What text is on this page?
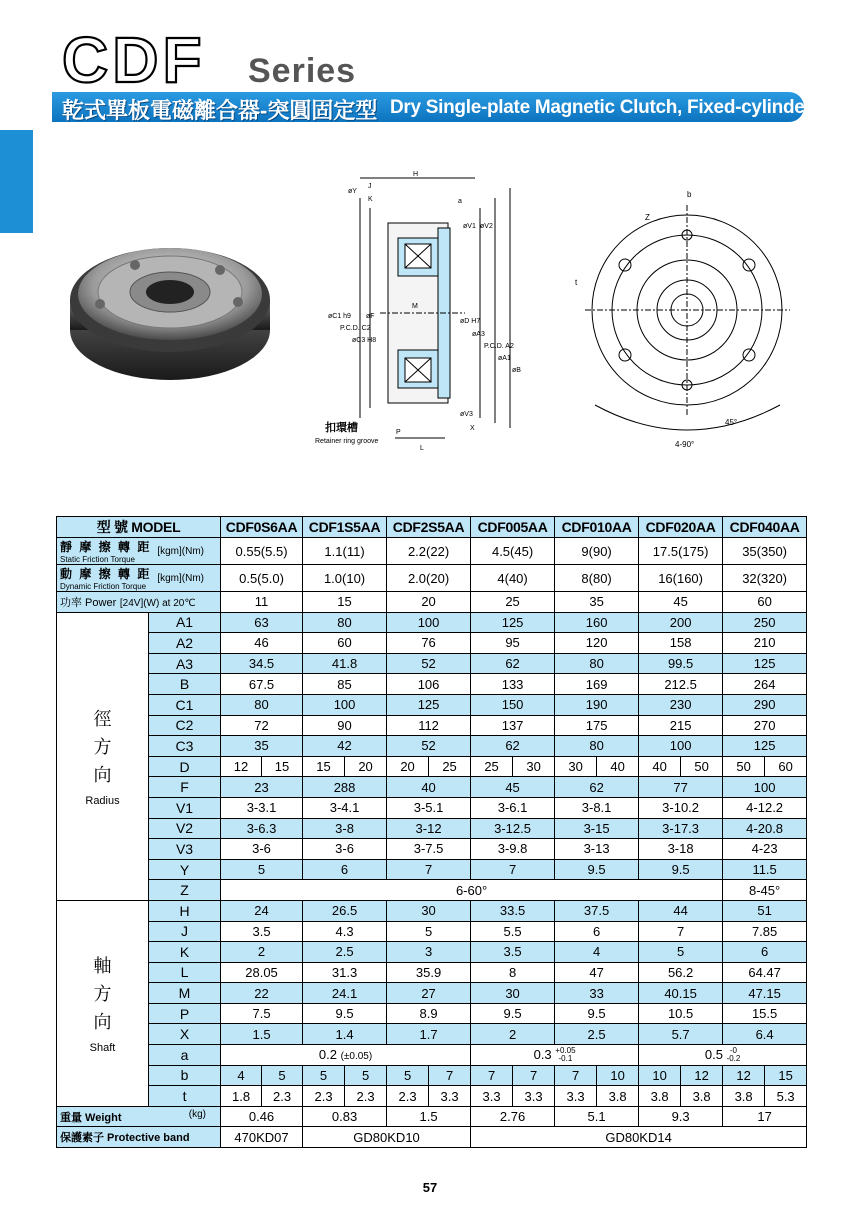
CDF Series
乾式單板電磁離合器-突圓固定型 Dry Single-plate Magnetic Clutch, Fixed-cylinder
H
J
K	a
øY
øV1 øV2
øC1 h9
P.C.D. C2
øC3 H8
øF
M
øD H7
øA3
P.C.D. A2
øA1
øB
øV3
P
L
X
扣環槽
Retainer ring groove
Z
b
t
45°
4-90°
型 號 MODEL		CDF0S6AA	CDF1S5AA	CDF2S5AA	CDF005AA	CDF010AA	CDF020AA	CDF040AA

靜 摩 擦 轉 距
Static Friction Torque
[kgm](Nm)		0.55(5.5)	1.1(11)	2.2(22)	4.5(45)	9(90)	17.5(175)	35(350)

動 摩 擦 轉 距
Dynamic Friction Torque
[kgm](Nm)		0.5(5.0)	1.0(10)	2.0(20)	4(40)	8(80)	16(160)	32(320)
功率 Power [24V](W) at 20℃		11	15	20	25	35	45	60

徑
方
向
Radius	A1	63	80	100	125	160	200	250
	A2	46	60	76	95	120	158	210
	A3	34.5	41.8	52	62	80	99.5	125
	B	67.5	85	106	133	169	212.5	264
	C1	80	100	125	150	190	230	290
	C2	72	90	112	137	175	215	270
	C3	35	42	52	62	80	100	125
	D	12 15	15 20	20 25	25 30	30 40	40 50	50 60

	F	23	288	40	45	62	77	100
	V1	3-3.1	3-4.1	3-5.1	3-6.1	3-8.1	3-10.2	4-12.2
	V2	3-6.3	3-8	3-12	3-12.5	3-15	3-17.3	4-20.8
	V3	3-6	3-6	3-7.5	3-9.8	3-13	3-18	4-23
	Y	5	6	7	7	9.5	9.5	11.5
	Z	6-60°						8-45°

軸
方
向
Shaft	H	24	26.5	30	33.5	37.5	44	51
	J	3.5	4.3	5	5.5	6	7	7.85
	K	2	2.5	3	3.5	4	5	6
	L	28.05	31.3	35.9	8	47	56.2	64.47
	M	22	24.1	27	30	33	40.15	47.15
	P	7.5	9.5	8.9	9.5	9.5	10.5	15.5
	X	1.5	1.4	1.7	2	2.5	5.7	6.4
	a	0.2 (±0.05)			0.3 +0.05
-0.1		0.5 -0
-0.2	

	b	4 5	5 5	5 7	7 7	7 10	10 12	12 15

	t	1.8 2.3	2.3 2.3	2.3 3.3	3.3 3.3	3.3 3.8	3.8 3.8	3.8 5.3

重量 Weight (kg)		0.46	0.83	1.5	2.76	5.1	9.3	17
保護素子 Protective band		470KD07	GD80KD10		GD80KD14			
57
